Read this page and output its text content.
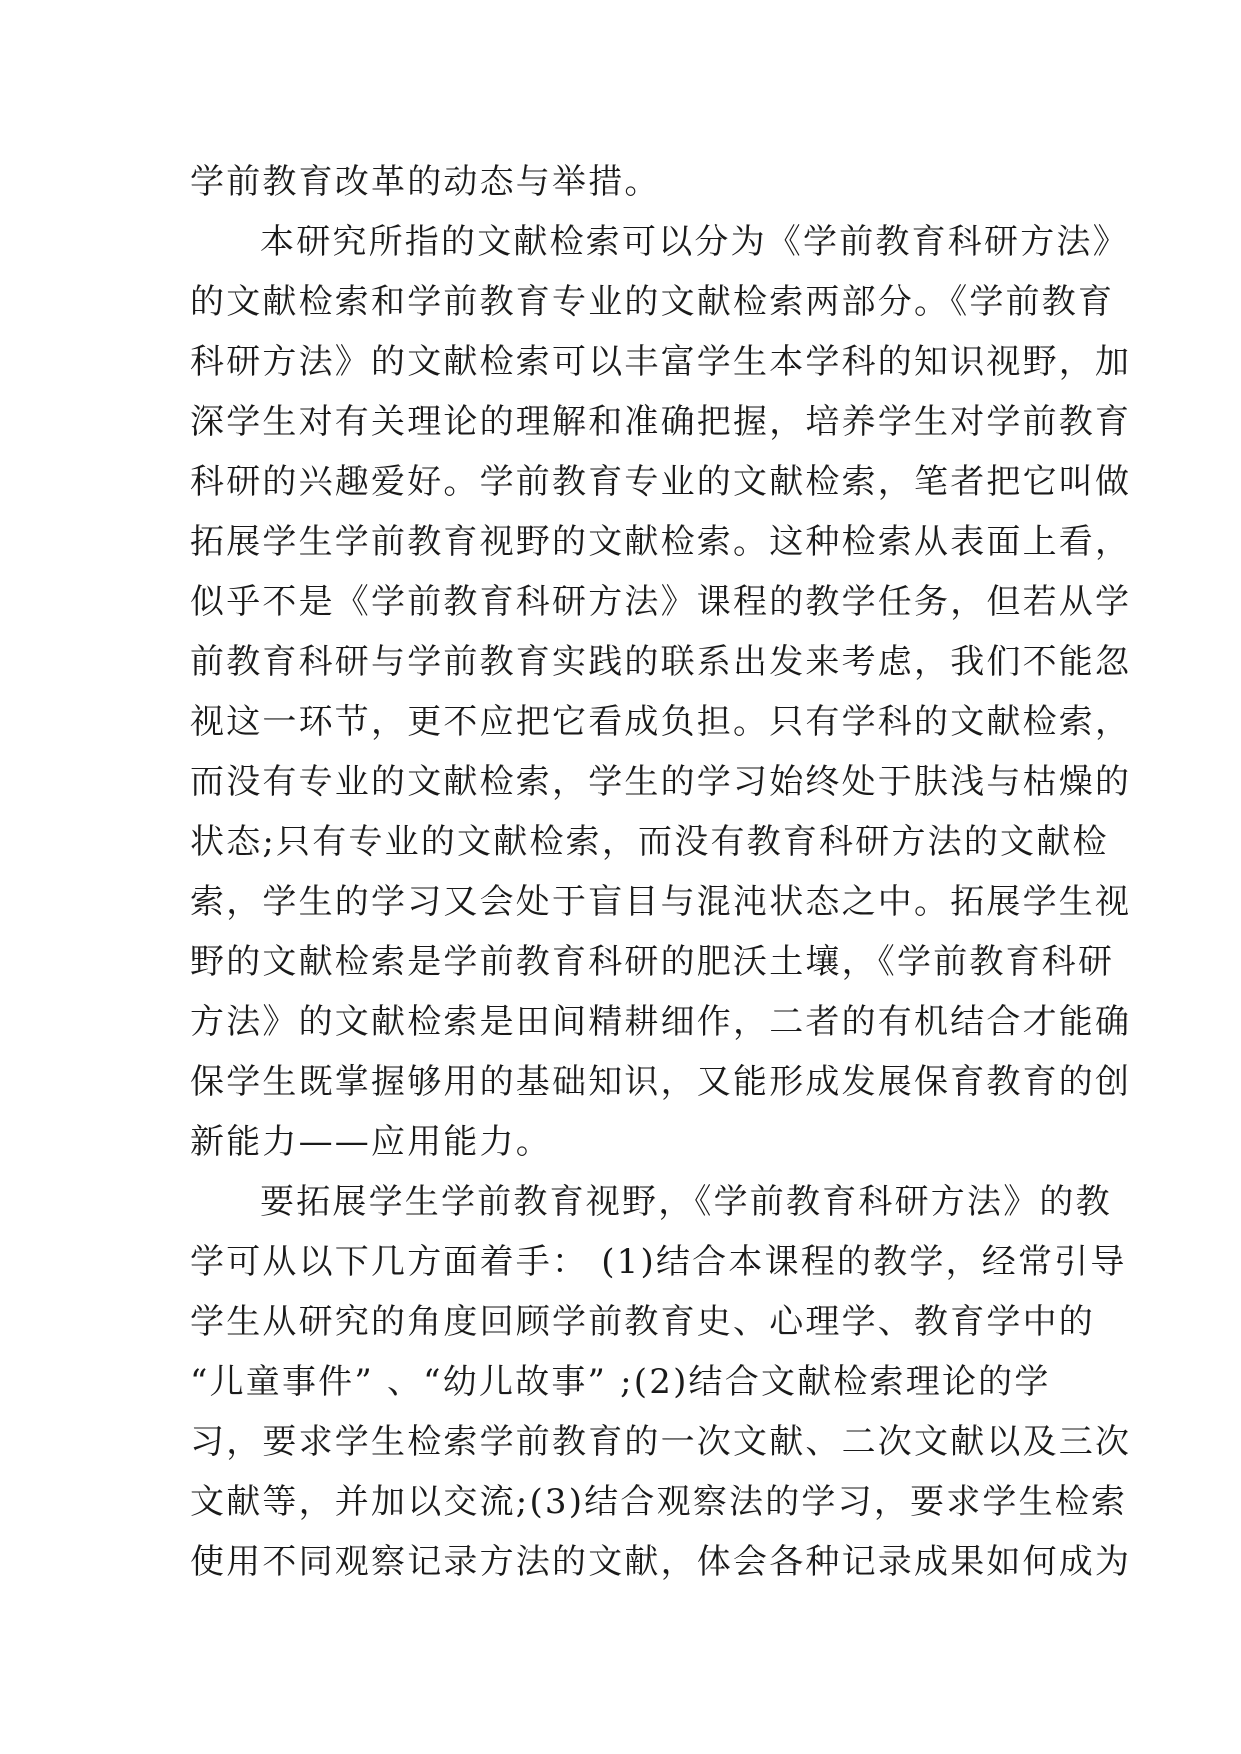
学前教育改革的动态与举措。
本研究所指的文献检索可以分为《学前教育科研方法》
的文献检索和学前教育专业的文献检索两部分。《学前教育
科研方法》的文献检索可以丰富学生本学科的知识视野，加
深学生对有关理论的理解和准确把握，培养学生对学前教育
科研的兴趣爱好。学前教育专业的文献检索，笔者把它叫做
拓展学生学前教育视野的文献检索。这种检索从表面上看，
似乎不是《学前教育科研方法》课程的教学任务，但若从学
前教育科研与学前教育实践的联系出发来考虑，我们不能忽
视这一环节，更不应把它看成负担。只有学科的文献检索，
而没有专业的文献检索，学生的学习始终处于肤浅与枯燥的
状态;只有专业的文献检索，而没有教育科研方法的文献检
索，学生的学习又会处于盲目与混沌状态之中。拓展学生视
野的文献检索是学前教育科研的肥沃土壤，《学前教育科研
方法》的文献检索是田间精耕细作，二者的有机结合才能确
保学生既掌握够用的基础知识，又能形成发展保育教育的创
新能力——应用能力。
要拓展学生学前教育视野，《学前教育科研方法》的教
学可从以下几方面着手： (1)结合本课程的教学，经常引导
学生从研究的角度回顾学前教育史、心理学、教育学中的
“儿童事件” 、“幼儿故事” ;(2)结合文献检索理论的学
习，要求学生检索学前教育的一次文献、二次文献以及三次
文献等，并加以交流;(3)结合观察法的学习，要求学生检索
使用不同观察记录方法的文献，体会各种记录成果如何成为
